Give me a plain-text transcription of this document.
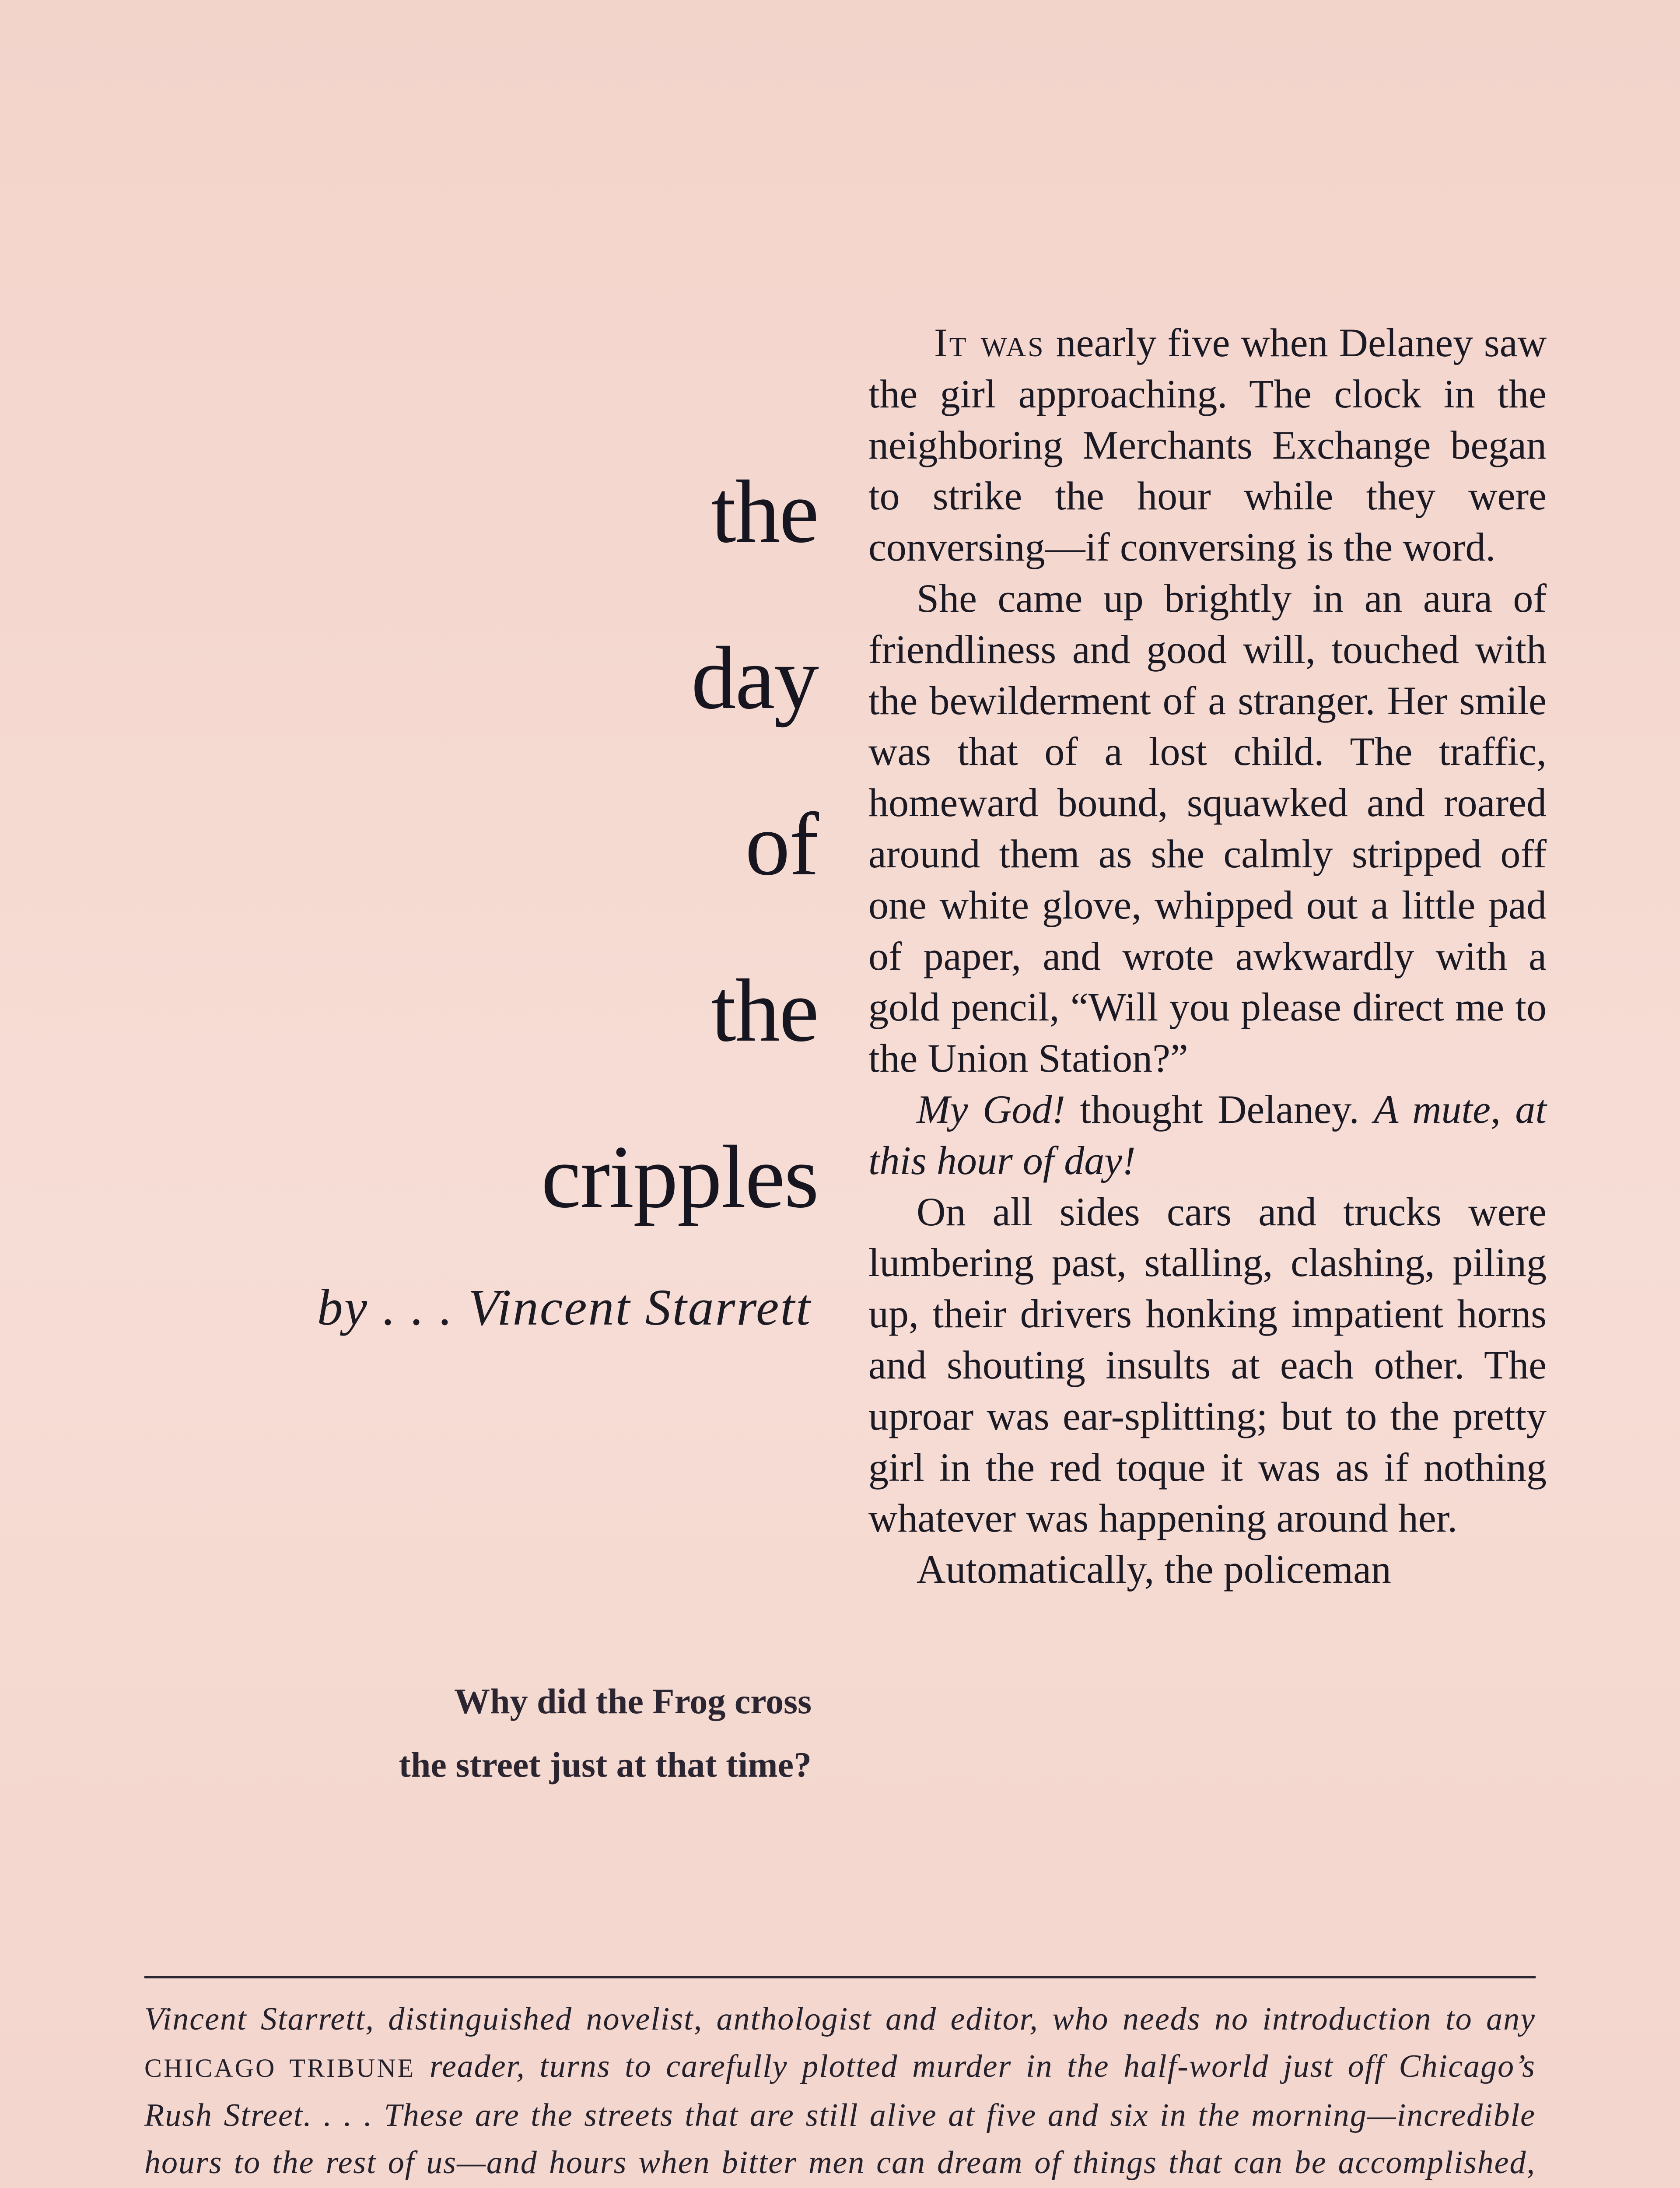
the
day
of
the
cripples
by . . . Vincent Starrett
Why did the Frog cross
the street just at that time?

It was nearly five when Delaney saw the girl approaching. The clock in the neighboring Merchants Exchange began to strike the hour while they were conversing—if conversing is the word.

She came up brightly in an aura of friendliness and good will, touched with the bewilderment of a stranger. Her smile was that of a lost child. The traffic, homeward bound, squawked and roared around them as she calmly stripped off one white glove, whipped out a little pad of paper, and wrote awkwardly with a gold pencil, “Will you please direct me to the Union Station?”

My God! thought Delaney. A mute, at this hour of day!

On all sides cars and trucks were lumbering past, stalling, clashing, piling up, their drivers honking impatient horns and shouting insults at each other. The uproar was ear-splitting; but to the pretty girl in the red toque it was as if nothing whatever was happening around her.

Automatically, the policeman

Vincent Starrett, distinguished novelist, anthologist and editor, who needs no introduction to any CHICAGO TRIBUNE reader, turns to carefully plotted murder in the half-world just off Chicago’s Rush Street. . . . These are the streets that are still alive at five and six in the morning—incredible hours to the rest of us—and hours when bitter men can dream of things that can be accomplished,
